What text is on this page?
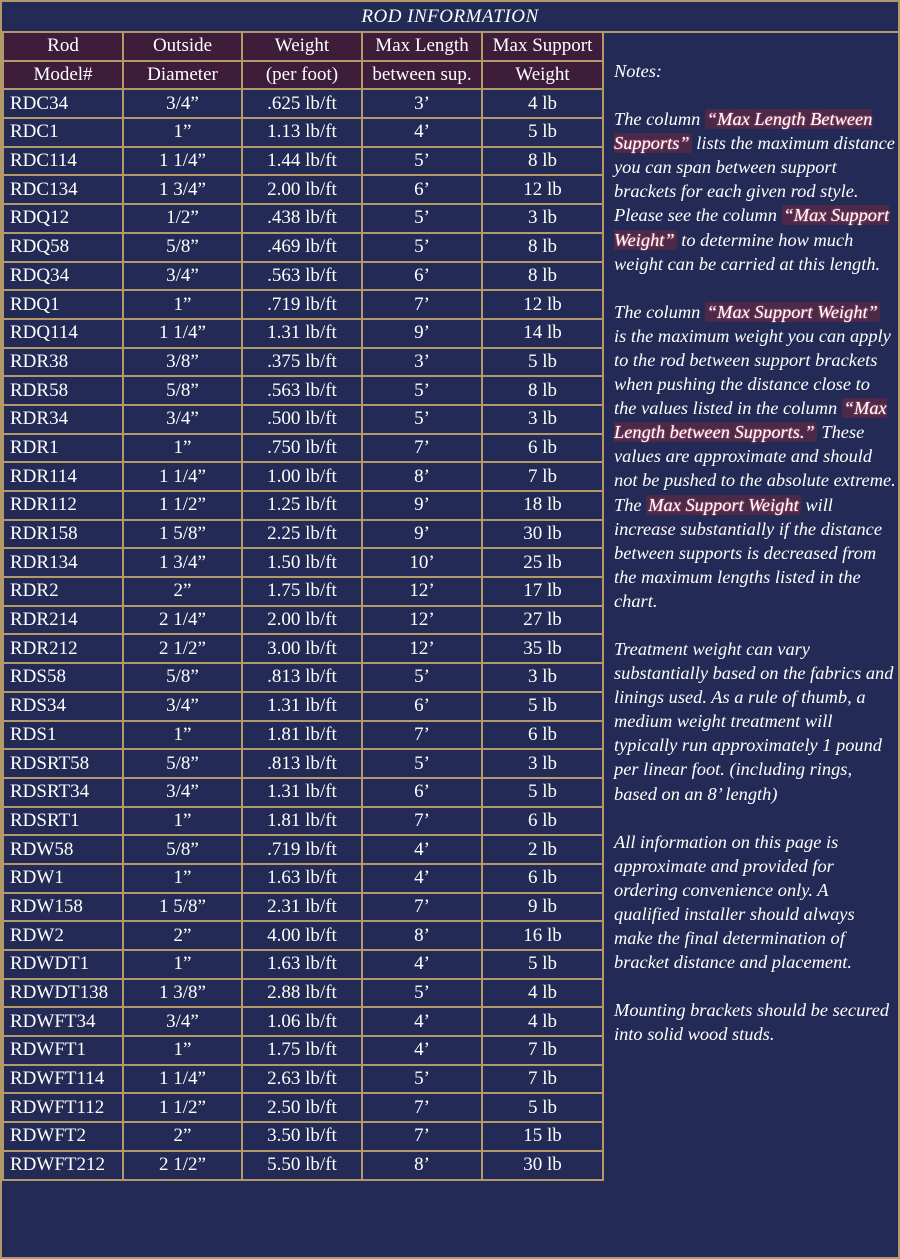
ROD INFORMATION
Rod	Outside	Weight	Max Length	Max Support
Model#	Diameter	(per foot)	between sup.	Weight
RDC34	3/4”	.625 lb/ft	3’	4 lb
RDC1	1”	1.13 lb/ft	4’	5 lb
RDC114	1 1/4”	1.44 lb/ft	5’	8 lb
RDC134	1 3/4”	2.00 lb/ft	6’	12 lb
RDQ12	1/2”	.438 lb/ft	5’	3 lb
RDQ58	5/8”	.469 lb/ft	5’	8 lb
RDQ34	3/4”	.563 lb/ft	6’	8 lb
RDQ1	1”	.719 lb/ft	7’	12 lb
RDQ114	1 1/4”	1.31 lb/ft	9’	14 lb
RDR38	3/8”	.375 lb/ft	3’	5 lb
RDR58	5/8”	.563 lb/ft	5’	8 lb
RDR34	3/4”	.500 lb/ft	5’	3 lb
RDR1	1”	.750 lb/ft	7’	6 lb
RDR114	1 1/4”	1.00 lb/ft	8’	7 lb
RDR112	1 1/2”	1.25 lb/ft	9’	18 lb
RDR158	1 5/8”	2.25 lb/ft	9’	30 lb
RDR134	1 3/4”	1.50 lb/ft	10’	25 lb
RDR2	2”	1.75 lb/ft	12’	17 lb
RDR214	2 1/4”	2.00 lb/ft	12’	27 lb
RDR212	2 1/2”	3.00 lb/ft	12’	35 lb
RDS58	5/8”	.813 lb/ft	5’	3 lb
RDS34	3/4”	1.31 lb/ft	6’	5 lb
RDS1	1”	1.81 lb/ft	7’	6 lb
RDSRT58	5/8”	.813 lb/ft	5’	3 lb
RDSRT34	3/4”	1.31 lb/ft	6’	5 lb
RDSRT1	1”	1.81 lb/ft	7’	6 lb
RDW58	5/8”	.719 lb/ft	4’	2 lb
RDW1	1”	1.63 lb/ft	4’	6 lb
RDW158	1 5/8”	2.31 lb/ft	7’	9 lb
RDW2	2”	4.00 lb/ft	8’	16 lb
RDWDT1	1”	1.63 lb/ft	4’	5 lb
RDWDT138	1 3/8”	2.88 lb/ft	5’	4 lb
RDWFT34	3/4”	1.06 lb/ft	4’	4 lb
RDWFT1	1”	1.75 lb/ft	4’	7 lb
RDWFT114	1 1/4”	2.63 lb/ft	5’	7 lb
RDWFT112	1 1/2”	2.50 lb/ft	7’	5 lb
RDWFT2	2”	3.50 lb/ft	7’	15 lb
RDWFT212	2 1/2”	5.50 lb/ft	8’	30 lb

Notes:

The column “Max Length Between Supports” lists the maximum distance you can span between support brackets for each given rod style. Please see the column “Max Support Weight” to determine how much weight can be carried at this length.

The column “Max Support Weight” is the maximum weight you can apply to the rod between support brackets when pushing the distance close to the values listed in the column “Max Length between Supports.” These values are approximate and should not be pushed to the absolute extreme. The Max Support Weight will increase substantially if the distance between supports is decreased from the maximum lengths listed in the chart.

Treatment weight can vary substantially based on the fabrics and linings used. As a rule of thumb, a medium weight treatment will typically run approximately 1 pound per linear foot. (including rings, based on an 8’ length)

All information on this page is approximate and provided for ordering convenience only. A qualified installer should always make the final determination of bracket distance and placement.

Mounting brackets should be secured into solid wood studs.
